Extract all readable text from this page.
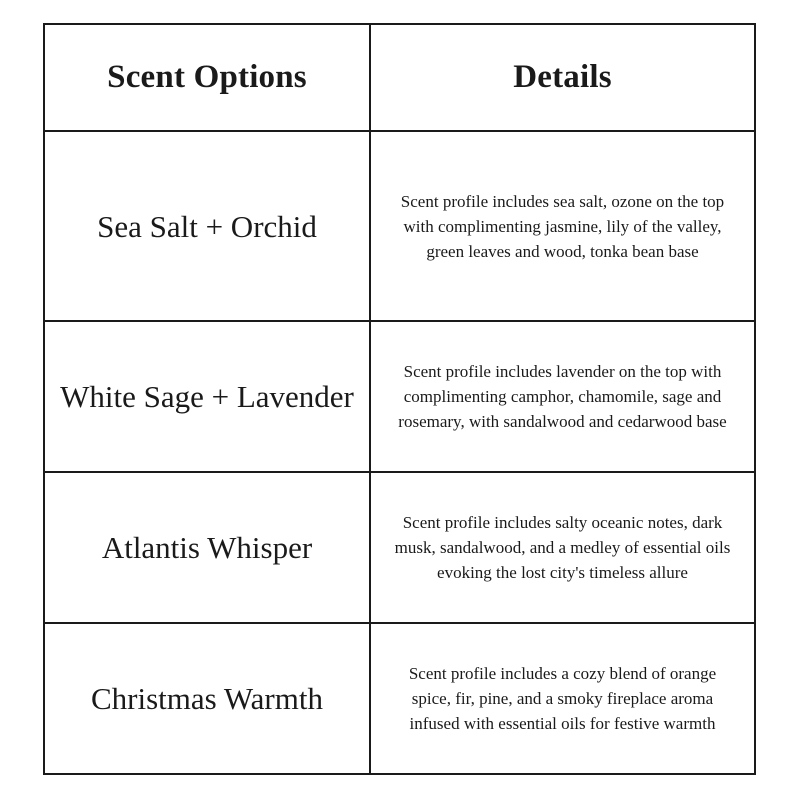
Scent Options	Details
Sea Salt + Orchid	Scent profile includes sea salt, ozone on the top with complimenting jasmine, lily of the valley, green leaves and wood, tonka bean base
White Sage + Lavender	Scent profile includes lavender on the top with complimenting camphor, chamomile, sage and rosemary, with sandalwood and cedarwood base
Atlantis Whisper	Scent profile includes salty oceanic notes, dark musk, sandalwood, and a medley of essential oils evoking the lost city's timeless allure
Christmas Warmth	Scent profile includes a cozy blend of orange spice, fir, pine, and a smoky fireplace aroma infused with essential oils for festive warmth
